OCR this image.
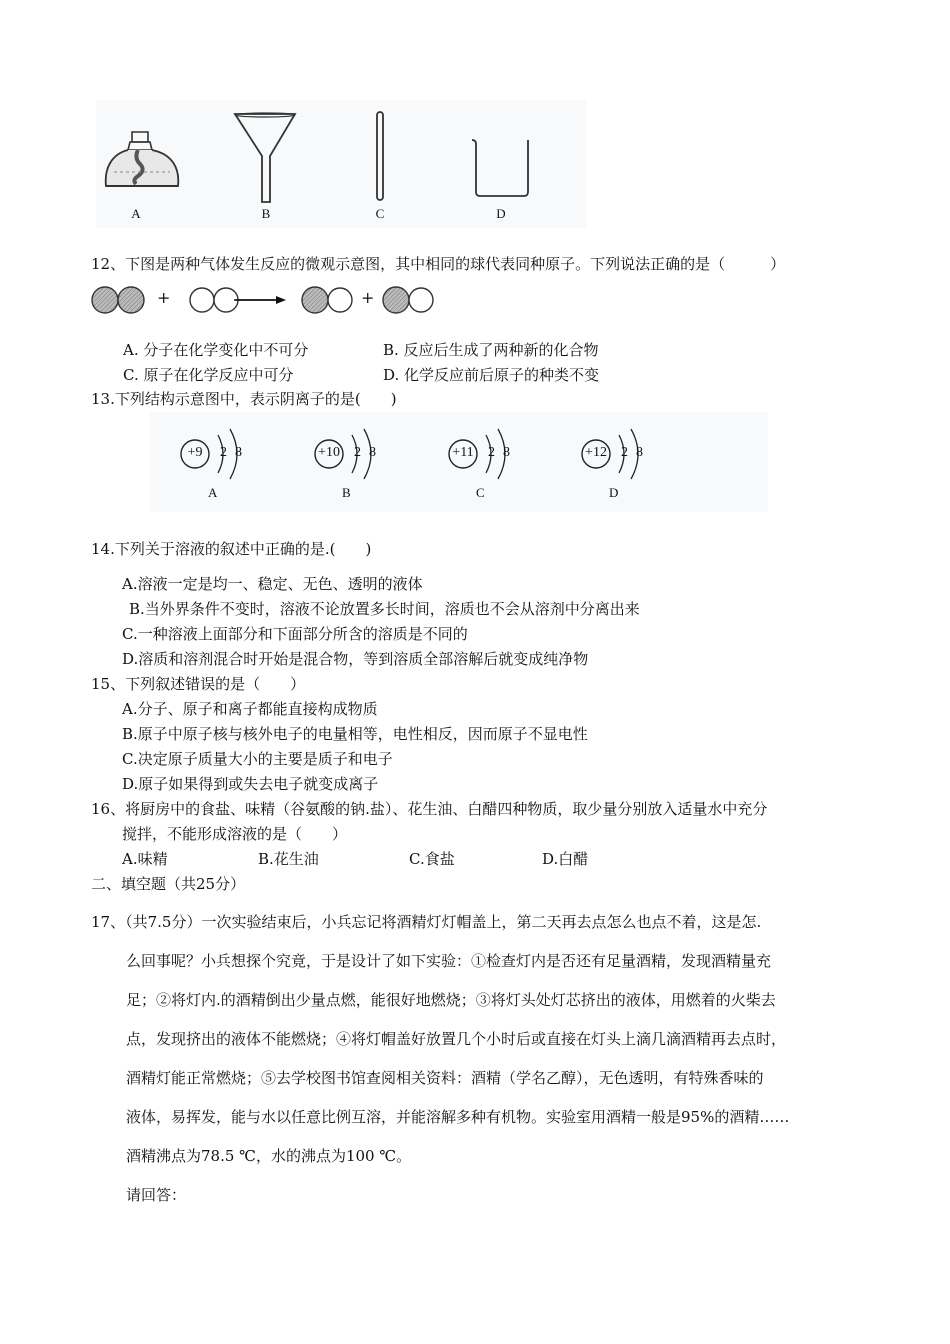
A	B	C	D
12、下图是两种气体发生反应的微观示意图，其中相同的球代表同种原子。下列说法正确的是（　　　）
+	+
A. 分子在化学变化中不可分	B. 反应后生成了两种新的化合物
C. 原子在化学反应中可分	D. 化学反应前后原子的种类不变
13.下列结构示意图中，表示阴离子的是(　　)
+9	2 8
A
+10 2 8
B
+11 2 8
C
+12 2 8
D
14.下列关于溶液的叙述中正确的是.(　　)
A.溶液一定是均一、稳定、无色、透明的液体
B.当外界条件不变时，溶液不论放置多长时间，溶质也不会从溶剂中分离出来
C.一种溶液上面部分和下面部分所含的溶质是不同的
D.溶质和溶剂混合时开始是混合物，等到溶质全部溶解后就变成纯净物
15、下列叙述错误的是（　　）
A.分子、原子和离子都能直接构成物质
B.原子中原子核与核外电子的电量相等，电性相反，因而原子不显电性
C.决定原子质量大小的主要是质子和电子
D.原子如果得到或失去电子就变成离子
16、将厨房中的食盐、味精（谷氨酸的钠.盐）、花生油、白醋四种物质，取少量分别放入适量水中充分
搅拌，不能形成溶液的是（　　）
A.味精	B.花生油	C.食盐	D.白醋
二、填空题（共25分）
17、（共7.5分）一次实验结束后，小兵忘记将酒精灯灯帽盖上，第二天再去点怎么也点不着，这是怎.
么回事呢？小兵想探个究竟，于是设计了如下实验：①检查灯内是否还有足量酒精，发现酒精量充
足；②将灯内.的酒精倒出少量点燃，能很好地燃烧；③将灯头处灯芯挤出的液体，用燃着的火柴去
点，发现挤出的液体不能燃烧；④将灯帽盖好放置几个小时后或直接在灯头上滴几滴酒精再去点时，
酒精灯能正常燃烧；⑤去学校图书馆查阅相关资料：酒精（学名乙醇），无色透明，有特殊香味的
液体，易挥发，能与水以任意比例互溶，并能溶解多种有机物。实验室用酒精一般是95%的酒精……
酒精沸点为78.5 ℃，水的沸点为100 ℃。
请回答：
